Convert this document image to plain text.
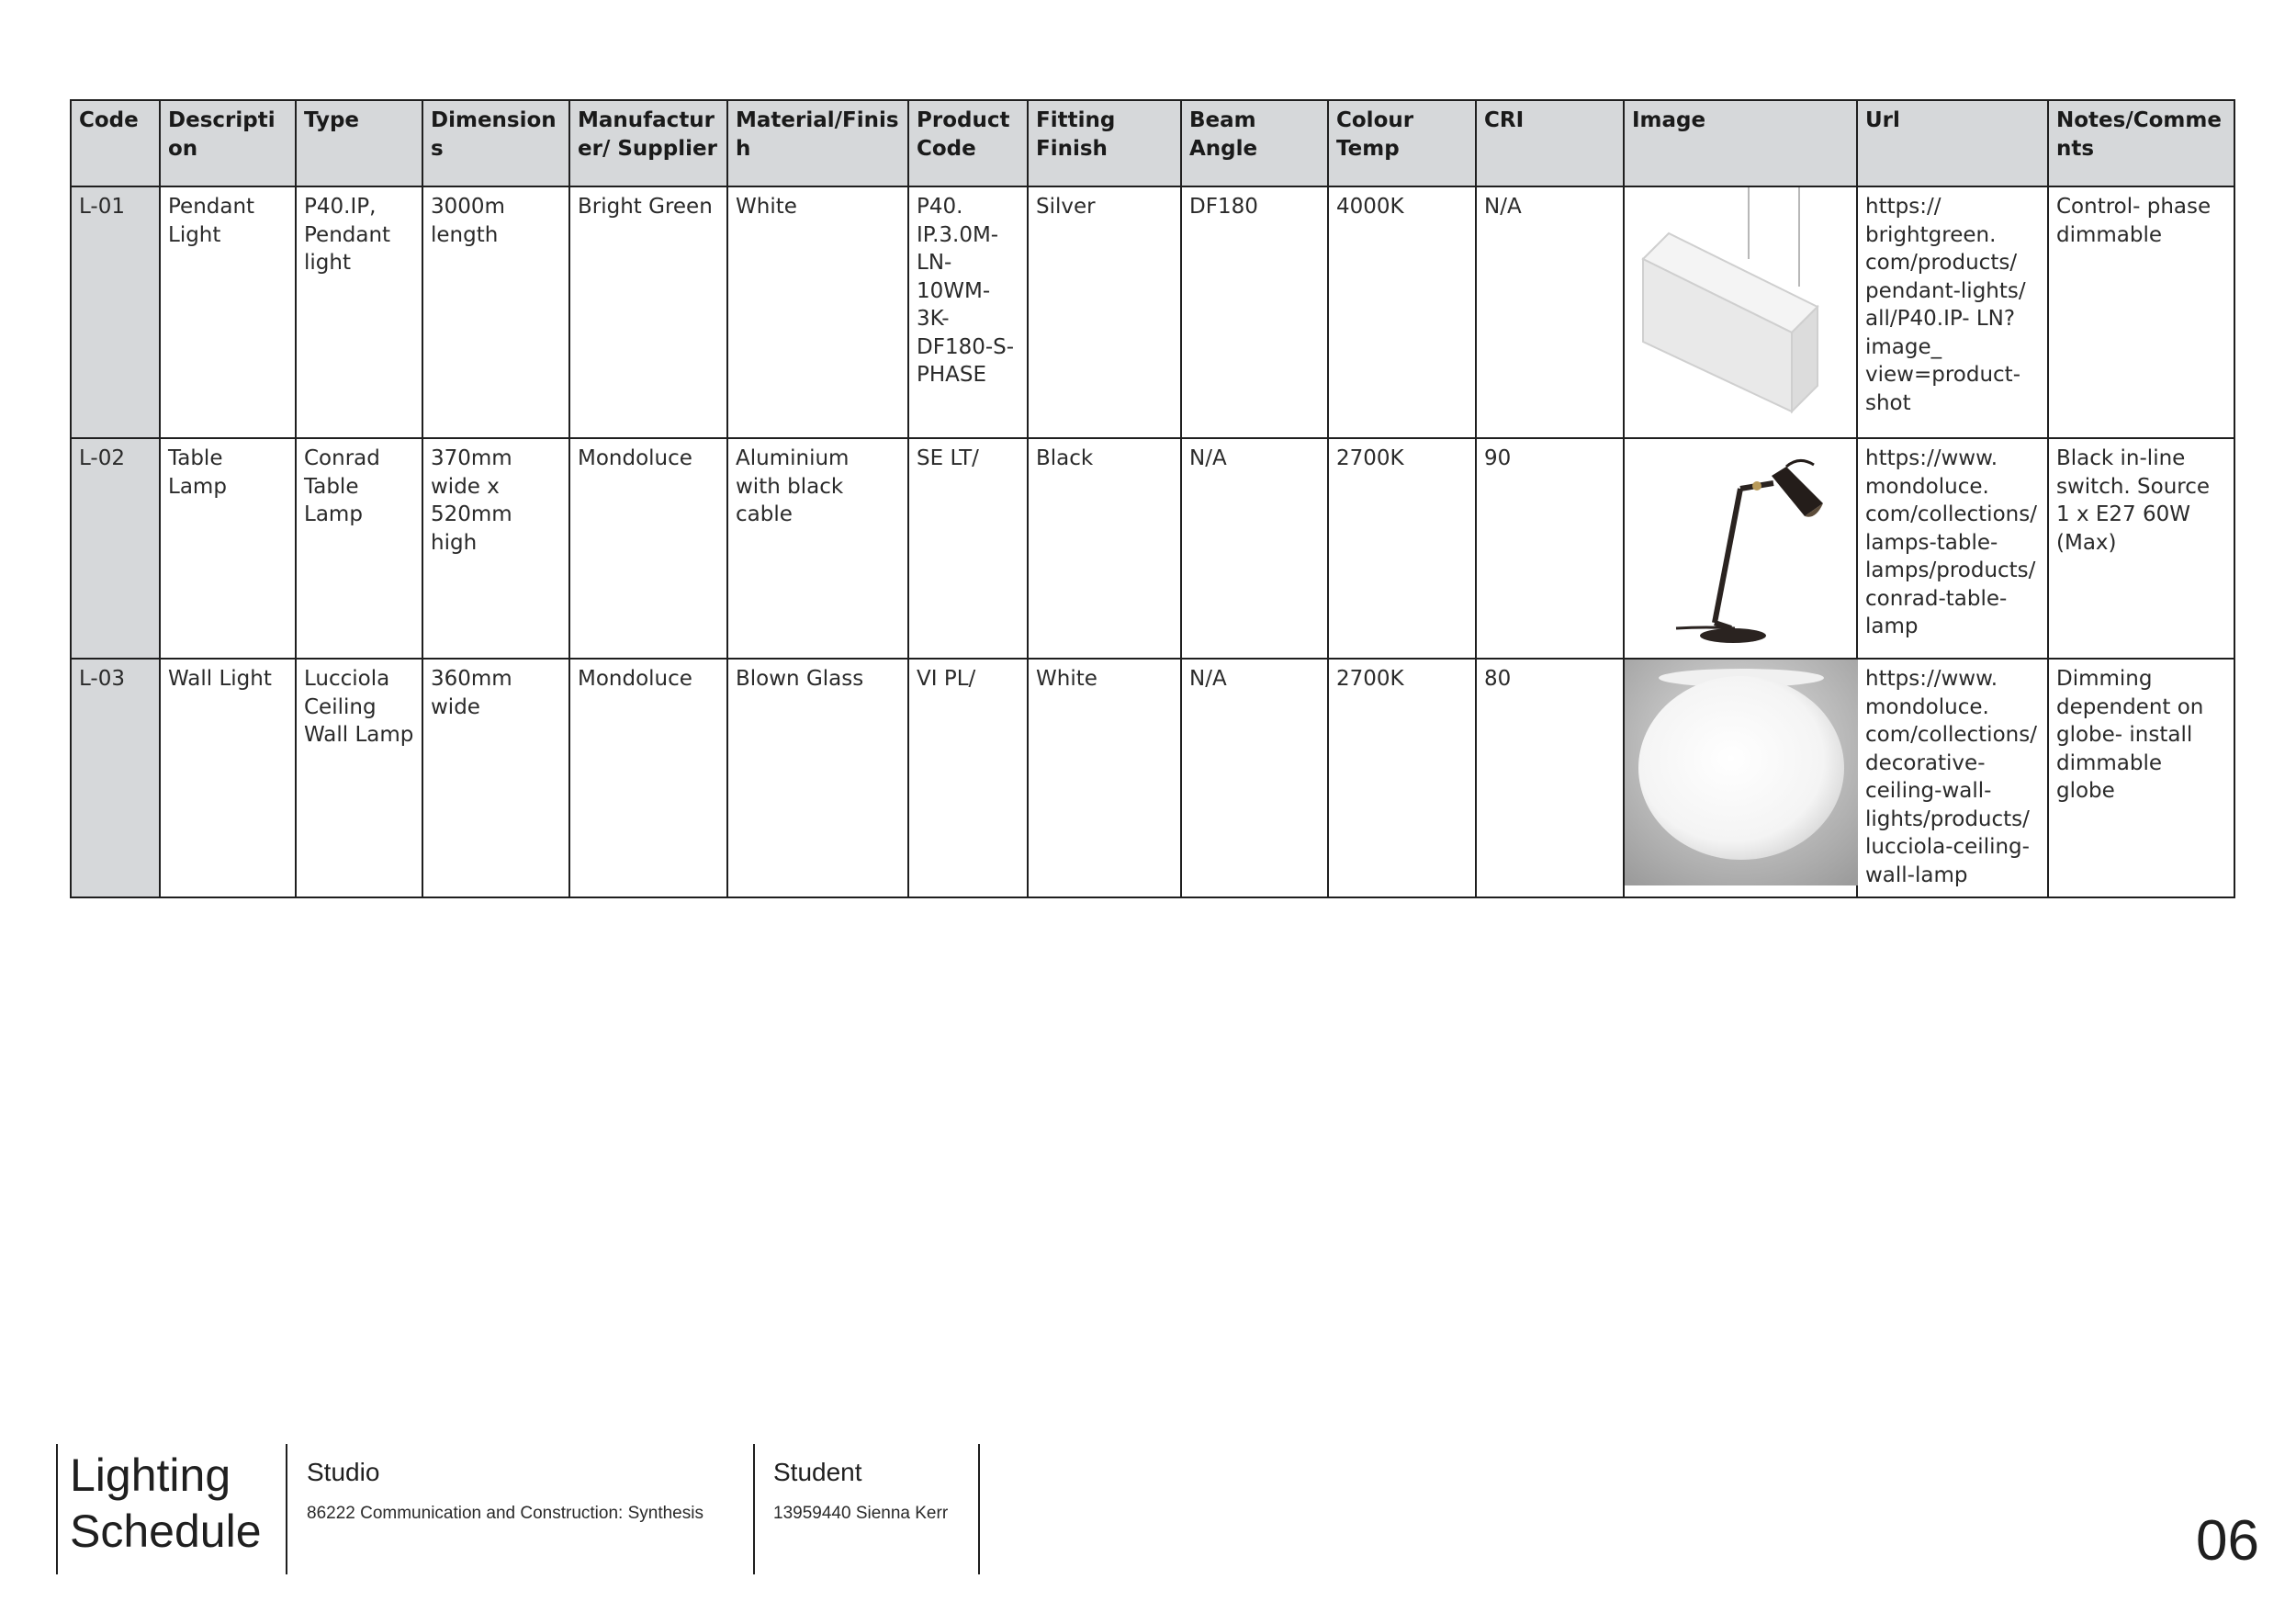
Code	Description	Type	Dimensions	Manufacturer/ Supplier	Material/Finish	Product Code	Fitting Finish	Beam Angle	Colour Temp	CRI	Image	Url	Notes/Comments
L-01	Pendant Light	P40.IP, Pendant light	3000m length	Bright Green	White	P40. IP.3.0M- LN- 10WM- 3K- DF180-S- PHASE	Silver	DF180	4000K	N/A		https:// brightgreen. com/products/ pendant-lights/ all/P40.IP- LN?image_ view=product- shot	Control- phase dimmable
L-02	Table Lamp	Conrad Table Lamp	370mm wide x 520mm high	Mondoluce	Aluminium with black cable	SE LT/	Black	N/A	2700K	90		https://www. mondoluce. com/collections/ lamps-table- lamps/products/ conrad-table- lamp	Black in-line switch. Source 1 x E27 60W (Max)
L-03	Wall Light	Lucciola Ceiling Wall Lamp	360mm wide	Mondoluce	Blown Glass	VI PL/	White	N/A	2700K	80		https://www. mondoluce. com/collections/ decorative- ceiling-wall- lights/products/ lucciola-ceiling- wall-lamp	Dimming dependent on globe- install dimmable globe
Lighting
Schedule
Studio
86222 Communication and Construction: Synthesis
Student
13959440 Sienna Kerr	06
